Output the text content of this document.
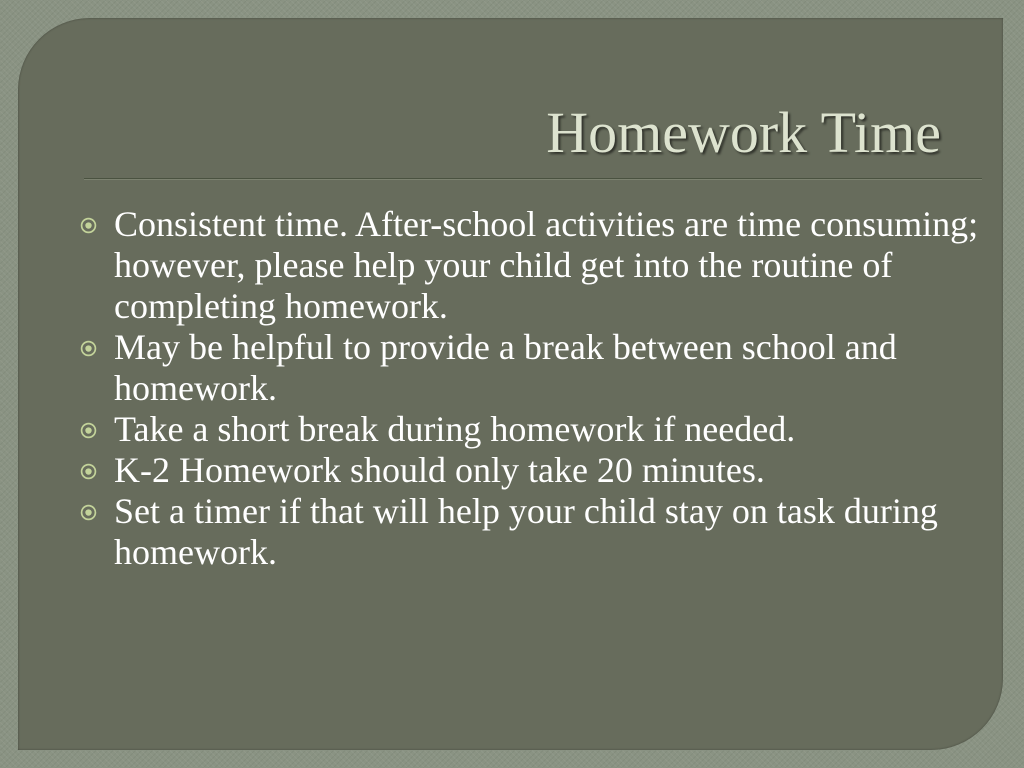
Homework Time
Consistent time. After-school activities are time consuming; however, please help your child get into the routine of completing homework.
May be helpful to provide a break between school and homework.
Take a short break during homework if needed.
K-2 Homework should only take 20 minutes.
Set a timer if that will help your child stay on task during homework.
